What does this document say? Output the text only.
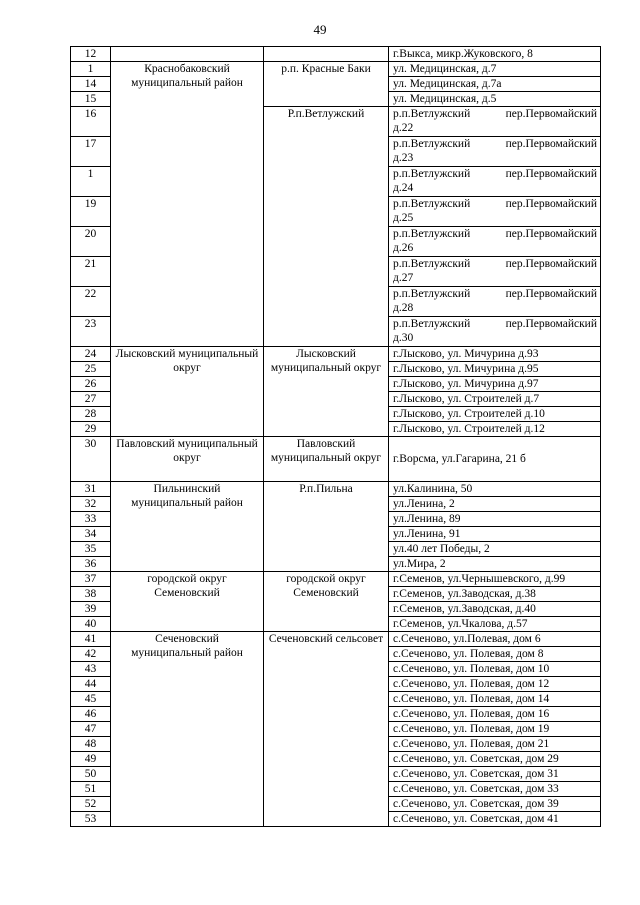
49
12			г.Выкса, микр.Жуковского, 8

1	Краснобаковский муниципальный район	р.п. Красные Баки	ул. Медицинская, д.7

14			ул. Медицинская, д.7а

15			ул. Медицинская, д.5

16		Р.п.Ветлужский	р.п.Ветлужский пер.Первомайский
д.22

17			р.п.Ветлужский пер.Первомайский
д.23

1			р.п.Ветлужский пер.Первомайский
д.24

19			р.п.Ветлужский пер.Первомайский
д.25

20			р.п.Ветлужский пер.Первомайский
д.26

21			р.п.Ветлужский пер.Первомайский
д.27

22			р.п.Ветлужский пер.Первомайский
д.28

23			р.п.Ветлужский пер.Первомайский
д.30

24	Лысковский муниципальный округ	Лысковский муниципальный округ	г.Лысково, ул. Мичурина д.93

25			г.Лысково, ул. Мичурина д.95

26			г.Лысково, ул. Мичурина д.97

27			г.Лысково, ул. Строителей д.7

28			г.Лысково, ул. Строителей д.10

29			г.Лысково, ул. Строителей д.12

30	Павловский муниципальный округ	Павловский муниципальный округ	г.Ворсма, ул.Гагарина, 21 б

31	Пильнинский муниципальный район	Р.п.Пильна	ул.Калинина, 50

32			ул.Ленина, 2

33			ул.Ленина, 89

34			ул.Ленина, 91

35			ул.40 лет Победы, 2

36			ул.Мира, 2

37	городской округ Семеновский	городской округ Семеновский	г.Семенов, ул.Чернышевского, д.99

38			г.Семенов, ул.Заводская, д.38

39			г.Семенов, ул.Заводская, д.40

40			г.Семенов, ул.Чкалова, д.57

41	Сеченовский муниципальный район	Сеченовский сельсовет	с.Сеченово, ул.Полевая, дом 6

42			с.Сеченово, ул. Полевая, дом 8

43			с.Сеченово, ул. Полевая, дом 10

44			с.Сеченово, ул. Полевая, дом 12

45			с.Сеченово, ул. Полевая, дом 14

46			с.Сеченово, ул. Полевая, дом 16

47			с.Сеченово, ул. Полевая, дом 19

48			с.Сеченово, ул. Полевая, дом 21

49			с.Сеченово, ул. Советская, дом 29

50			с.Сеченово, ул. Советская, дом 31

51			с.Сеченово, ул. Советская, дом 33

52			с.Сеченово, ул. Советская, дом 39

53			с.Сеченово, ул. Советская, дом 41
